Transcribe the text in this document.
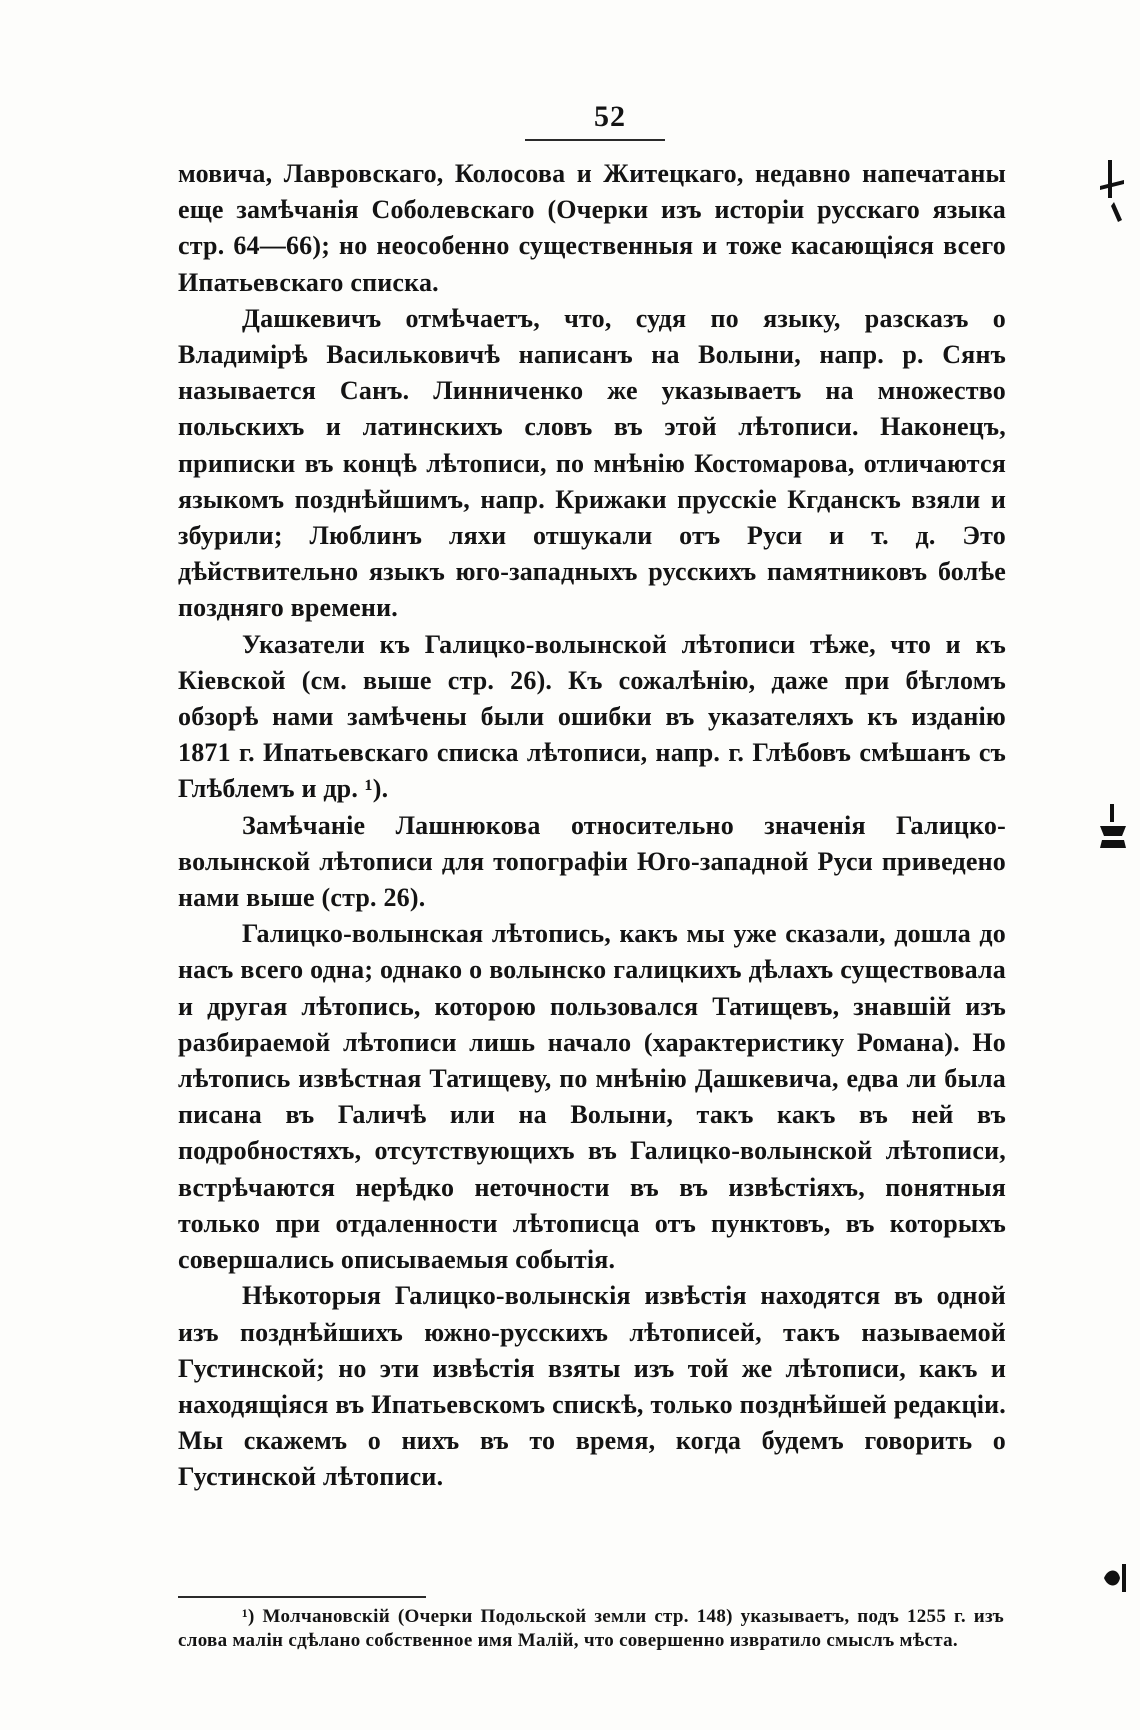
52

мовича, Лавровскаго, Колосова и Житецкаго, недавно напечатаны еще замѣчанія Соболевскаго (Очерки изъ исторіи русскаго языка стр. 64—66); но неособенно существенныя и тоже касающіяся всего Ипатьевскаго списка.

Дашкевичъ отмѣчаетъ, что, судя по языку, разсказъ о Владимірѣ Васильковичѣ написанъ на Волыни, напр. р. Сянъ называется Санъ. Линниченко же указываетъ на множество польскихъ и латинскихъ словъ въ этой лѣтописи. Наконецъ, приписки въ концѣ лѣтописи, по мнѣнію Костомарова, отличаются языкомъ позднѣйшимъ, напр. Крижаки прусскіе Кгданскъ взяли и збурили; Люблинъ ляхи отшукали отъ Руси и т. д. Это дѣйствительно языкъ юго-западныхъ русскихъ памятниковъ болѣе поздняго времени.

Указатели къ Галицко-волынской лѣтописи тѣже, что и къ Кіевской (см. выше стр. 26). Къ сожалѣнію, даже при бѣгломъ обзорѣ нами замѣчены были ошибки въ указателяхъ къ изданію 1871 г. Ипатьевскаго списка лѣтописи, напр. г. Глѣбовъ смѣшанъ съ Глѣблемъ и др. ¹).

Замѣчаніе Лашнюкова относительно значенія Галицко-волынской лѣтописи для топографіи Юго-западной Руси приведено нами выше (стр. 26).

Галицко-волынская лѣтопись, какъ мы уже сказали, дошла до насъ всего одна; однако о волынско галицкихъ дѣлахъ существовала и другая лѣтопись, которою пользовался Татищевъ, знавшій изъ разбираемой лѣтописи лишь начало (характеристику Романа). Но лѣтопись извѣстная Татищеву, по мнѣнію Дашкевича, едва ли была писана въ Галичѣ или на Волыни, такъ какъ въ ней въ подробностяхъ, отсутствующихъ въ Галицко-волынской лѣтописи, встрѣчаются нерѣдко неточности въ въ извѣстіяхъ, понятныя только при отдаленности лѣтописца отъ пунктовъ, въ которыхъ совершались описываемыя событія.

Нѣкоторыя Галицко-волынскія извѣстія находятся въ одной изъ позднѣйшихъ южно-русскихъ лѣтописей, такъ называемой Густинской; но эти извѣстія взяты изъ той же лѣтописи, какъ и находящіяся въ Ипатьевскомъ спискѣ, только позднѣйшей редакціи. Мы скажемъ о нихъ въ то время, когда будемъ говорить о Густинской лѣтописи.

¹) Молчановскій (Очерки Подольской земли стр. 148) указываетъ, подъ 1255 г. изъ слова малін сдѣлано собственное имя Малій, что совершенно извратило смыслъ мѣста.
